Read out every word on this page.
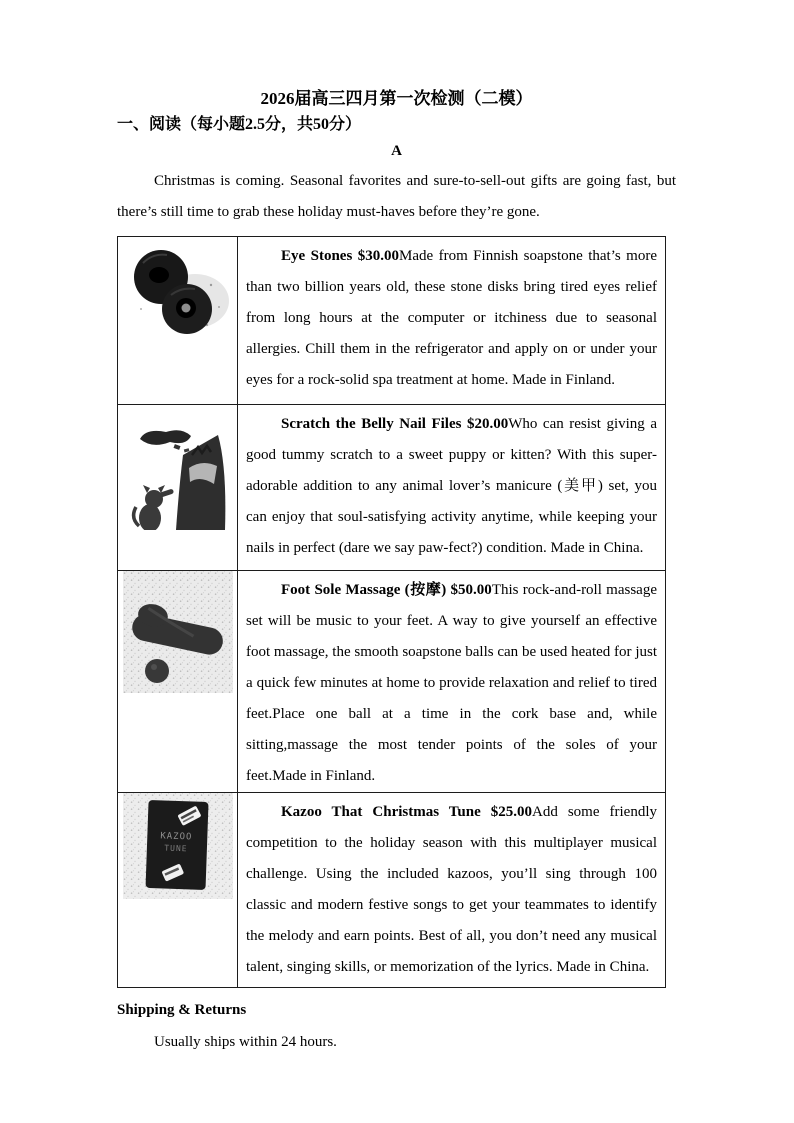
2026届高三四月第一次检测（二模）
一、阅读（每小题2.5分，共50分）
A

Christmas is coming. Seasonal favorites and sure-to-sell-out gifts are going fast, but there’s still time to grab these holiday must-haves before they’re gone.

Eye Stones $30.00Made from Finnish soapstone that’s more than two billion years old, these stone disks bring tired eyes relief from long hours at the computer or itchiness due to seasonal allergies. Chill them in the refrigerator and apply on or under your eyes for a rock-solid spa treatment at home. Made in Finland.

Scratch the Belly Nail Files $20.00Who can resist giving a good tummy scratch to a sweet puppy or kitten? With this super-adorable addition to any animal lover’s manicure (美甲) set, you can enjoy that soul-satisfying activity anytime, while keeping your nails in perfect (dare we say paw-fect?) condition. Made in China.

Foot Sole Massage (按摩) $50.00This rock-and-roll massage set will be music to your feet. A way to give yourself an effective foot massage, the smooth soapstone balls can be used heated for just a quick few minutes at home to provide relaxation and relief to tired feet.Place one ball at a time in the cork base and, while sitting,massage the most tender points of the soles of your feet.Made in Finland.

KAZOO
TUNE	Kazoo That Christmas Tune $25.00Add some friendly competition to the holiday season with this multiplayer musical challenge. Using the included kazoos, you’ll sing through 100 classic and modern festive songs to get your teammates to identify the melody and earn points. Best of all, you don’t need any musical talent, singing skills, or memorization of the lyrics. Made in China.

Shipping & Returns
Usually ships within 24 hours.
